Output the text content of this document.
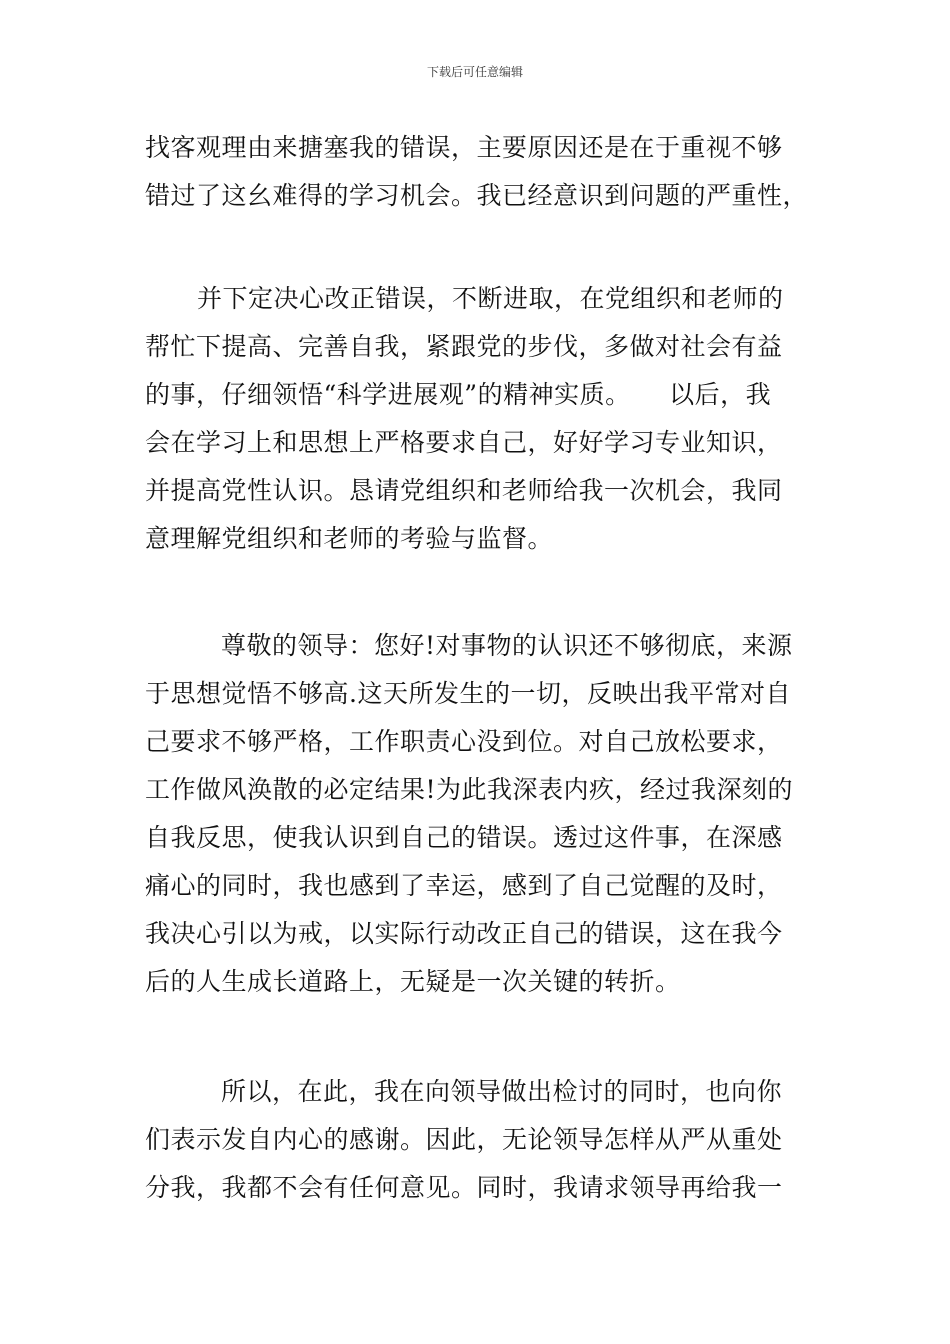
下载后可任意编辑
找客观理由来搪塞我的错误，主要原因还是在于重视不够
错过了这幺难得的学习机会。我已经意识到问题的严重性，
并下定决心改正错误，不断进取，在党组织和老师的
帮忙下提高、完善自我，紧跟党的步伐，多做对社会有益
的事，仔细领悟“科学进展观”的精神实质。　　以后，我
会在学习上和思想上严格要求自己，好好学习专业知识，
并提高党性认识。恳请党组织和老师给我一次机会，我同
意理解党组织和老师的考验与监督。
尊敬的领导：您好!对事物的认识还不够彻底，来源
于思想觉悟不够高.这天所发生的一切，反映出我平常对自
己要求不够严格，工作职责心没到位。对自己放松要求，
工作做风涣散的必定结果!为此我深表内疚，经过我深刻的
自我反思，使我认识到自己的错误。透过这件事，在深感
痛心的同时，我也感到了幸运，感到了自己觉醒的及时，
我决心引以为戒，以实际行动改正自己的错误，这在我今
后的人生成长道路上，无疑是一次关键的转折。
所以，在此，我在向领导做出检讨的同时，也向你
们表示发自内心的感谢。因此，无论领导怎样从严从重处
分我，我都不会有任何意见。同时，我请求领导再给我一
